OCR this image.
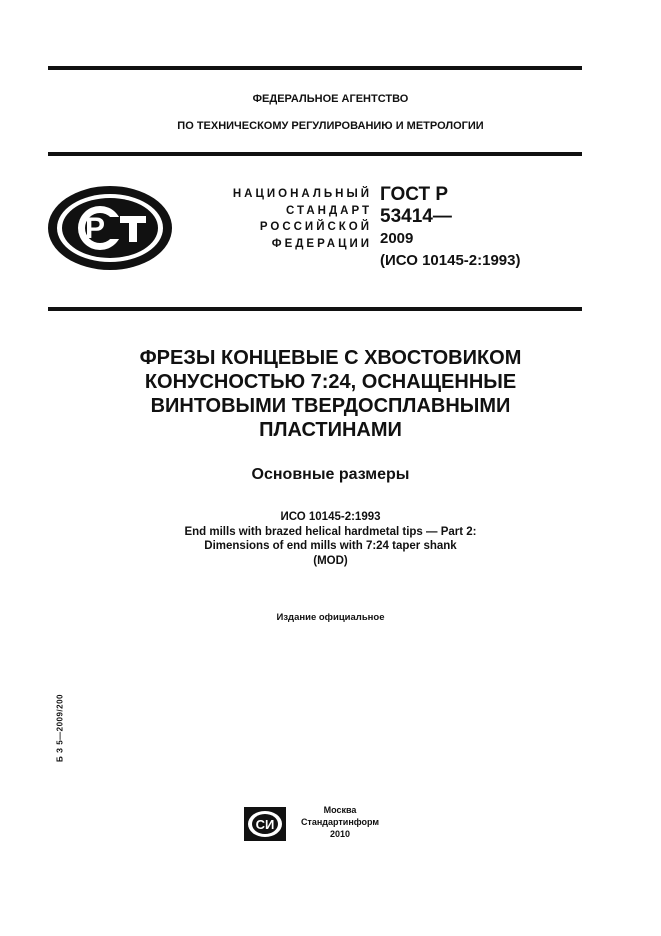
ФЕДЕРАЛЬНОЕ АГЕНТСТВО
ПО ТЕХНИЧЕСКОМУ РЕГУЛИРОВАНИЮ И МЕТРОЛОГИИ
Р
НАЦИОНАЛЬНЫЙ
СТАНДАРТ
РОССИЙСКОЙ
ФЕДЕРАЦИИ
ГОСТ Р
53414—
2009
(ИСО 10145-2:1993)
ФРЕЗЫ КОНЦЕВЫЕ С ХВОСТОВИКОМ
КОНУСНОСТЬЮ 7:24, ОСНАЩЕННЫЕ
ВИНТОВЫМИ ТВЕРДОСПЛАВНЫМИ
ПЛАСТИНАМИ
Основные размеры
ИСО 10145-2:1993
End mills with brazed helical hardmetal tips — Part 2:
Dimensions of end mills with 7:24 taper shank
(MOD)
Издание официальное
Б З 5—2009/200
СИ
Москва
Стандартинформ
2010
